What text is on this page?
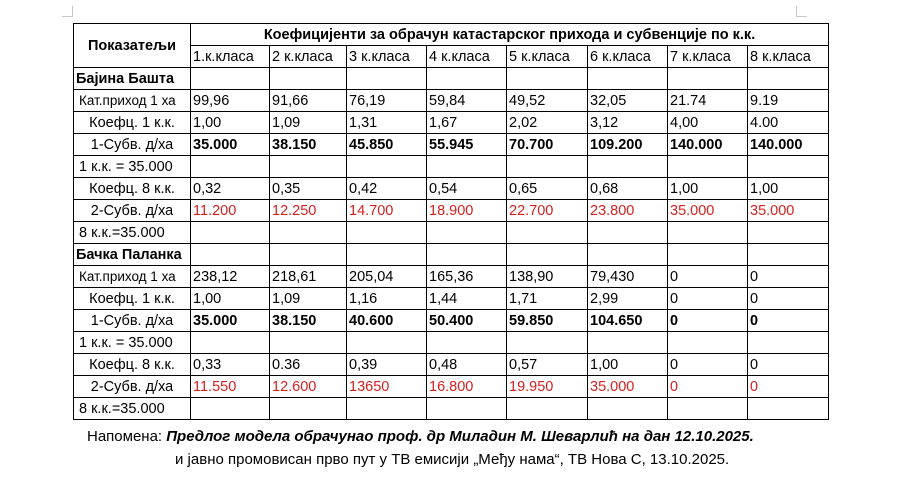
Показатељи	Коефицијенти за обрачун катастарског прихода и субвенције по к.к.							
	1.к.класа	2 к.класа	3 к.класа	4 к.класа	5 к.класа	6 к.класа	7 к.класа	8 к.класа
Бајина Башта								
Кат.приход 1 ха	99,96	91,66	76,19	59,84	49,52	32,05	21.74	9.19
Коефц. 1 к.к.	1,00	1,09	1,31	1,67	2,02	3,12	4,00	4.00
1-Субв. д/ха	35.000	38.150	45.850	55.945	70.700	109.200	140.000	140.000
1 к.к. = 35.000								
Коефц. 8 к.к.	0,32	0,35	0,42	0,54	0,65	0,68	1,00	1,00
2-Субв. д/ха	11.200	12.250	14.700	18.900	22.700	23.800	35.000	35.000
8 к.к.=35.000								
Бачка Паланка								
Кат.приход 1 ха	238,12	218,61	205,04	165,36	138,90	79,430	0	0
Коефц. 1 к.к.	1,00	1,09	1,16	1,44	1,71	2,99	0	0
1-Субв. д/ха	35.000	38.150	40.600	50.400	59.850	104.650	0	0
1 к.к. = 35.000								
Коефц. 8 к.к.	0,33	0.36	0,39	0,48	0,57	1,00	0	0
2-Субв. д/ха	11.550	12.600	13650	16.800	19.950	35.000	0	0
8 к.к.=35.000								
Напомена: Предлог модела обрачунао проф. др Миладин М. Шеварлић на дан 12.10.2025.
и јавно промовисан прво пут у ТВ емисији „Међу нама“, ТВ Нова С, 13.10.2025.
